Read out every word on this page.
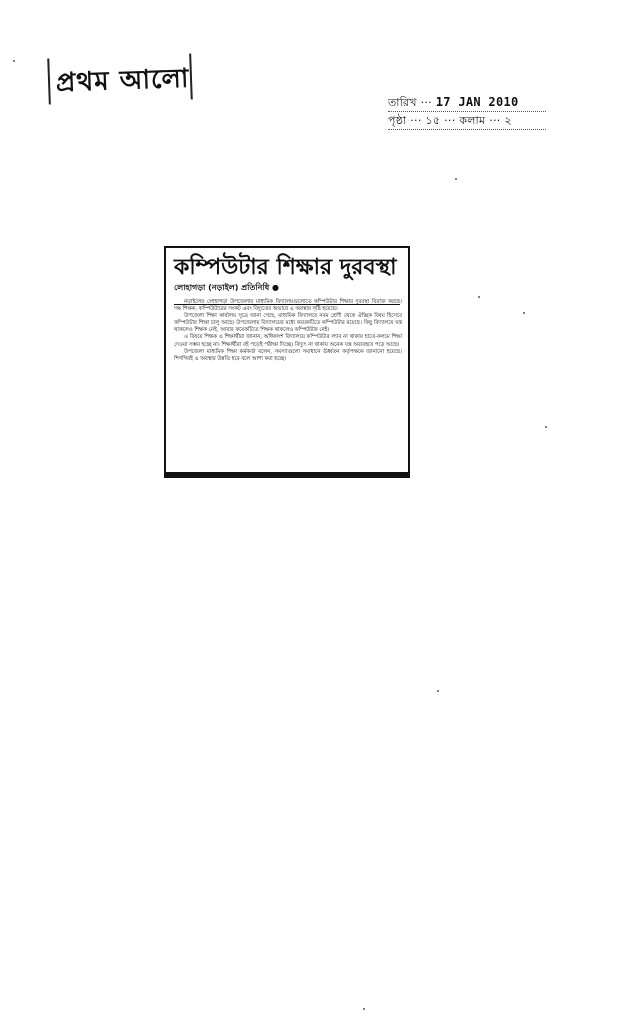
প্রথম আলো
তারিখ ··· 17 JAN 2010
পৃষ্ঠা ··· ১৫ ··· কলাম ··· ২
কম্পিউটার শিক্ষার দুরবস্থা
লোহাগড়া (নড়াইল) প্রতিনিধি ●

নড়াইলের লোহাগড়া উপজেলার মাধ্যমিক বিদ্যালয়গুলোতে কম্পিউটার শিক্ষার দুরবস্থা বিরাজ করছে। দক্ষ শিক্ষক, কম্পিউটারের সংকট এবং বিদ্যুতের অভাবে এ অবস্থার সৃষ্টি হয়েছে।

উপজেলা শিক্ষা কার্যালয় সূত্রে জানা গেছে, মাধ্যমিক বিদ্যালয়ে নবম শ্রেণী থেকে ঐচ্ছিক বিষয় হিসেবে কম্পিউটার শিক্ষা চালু আছে। উপজেলায় বিদ্যালয়ের মধ্যে কয়েকটিতে কম্পিউটার রয়েছে। কিছু বিদ্যালয়ে যন্ত্র থাকলেও শিক্ষক নেই, আবার কয়েকটিতে শিক্ষক থাকলেও কম্পিউটার নেই।

এ বিষয়ে শিক্ষক ও শিক্ষার্থীরা জানান, অধিকাংশ বিদ্যালয়ে কম্পিউটার ল্যাব না থাকায় হাতে-কলমে শিক্ষা দেওয়া সম্ভব হচ্ছে না। শিক্ষার্থীরা বই পড়েই পরীক্ষা দিচ্ছে। বিদ্যুৎ না থাকায় অনেক যন্ত্র অব্যবহৃত পড়ে আছে।

উপজেলা মাধ্যমিক শিক্ষা কর্মকর্তা বলেন, সমস্যাগুলো সমাধানে ঊর্ধ্বতন কর্তৃপক্ষকে জানানো হয়েছে। শিগগিরই এ অবস্থার উন্নতি হবে বলে আশা করা হচ্ছে।
